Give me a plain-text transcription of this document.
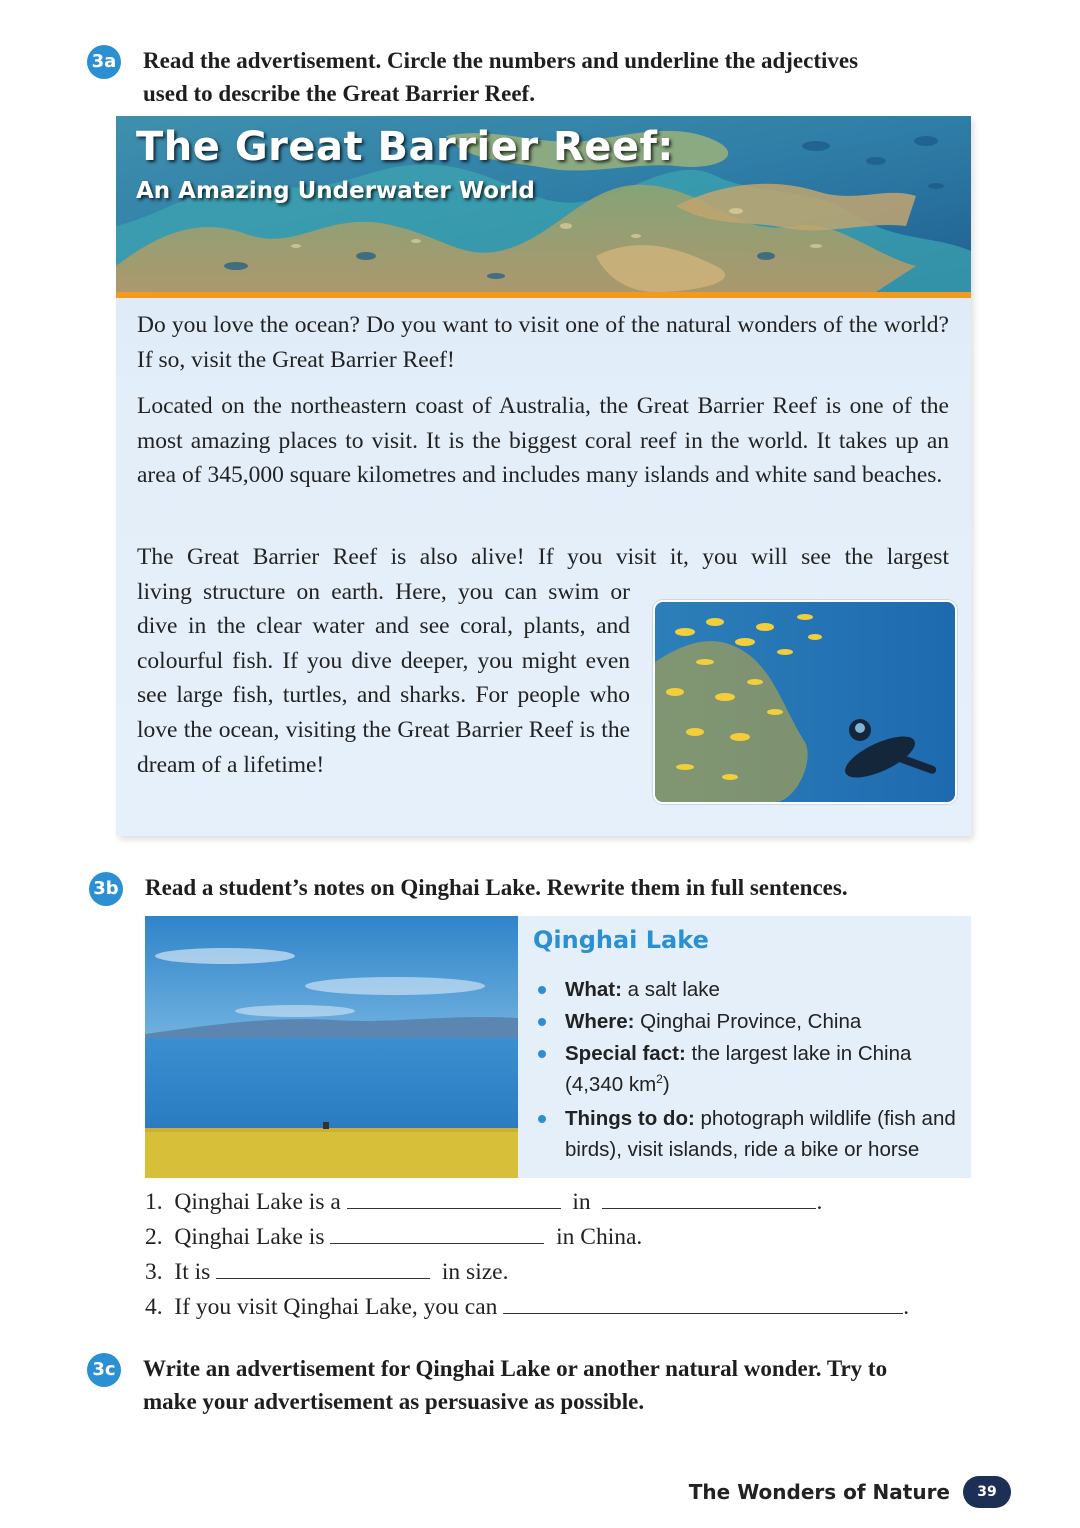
3a Read the advertisement. Circle the numbers and underline the adjectives
used to describe the Great Barrier Reef.
The Great Barrier Reef:
An Amazing Underwater World

Do you love the ocean? Do you want to visit one of the natural wonders of the world? If so, visit the Great Barrier Reef!

Located on the northeastern coast of Australia, the Great Barrier Reef is one of the most amazing places to visit. It is the biggest coral reef in the world. It takes up an area of 345,000 square kilometres and includes many islands and white sand beaches.

The Great Barrier Reef is also alive! If you visit it, you will see the largest

living structure on earth. Here, you can swim or dive in the clear water and see coral, plants, and colourful fish. If you dive deeper, you might even see large fish, turtles, and sharks. For people who love the ocean, visiting the Great Barrier Reef is the dream of a lifetime!

3b Read a student’s notes on Qinghai Lake. Rewrite them in full sentences.
Qinghai Lake
What: a salt lake
Where: Qinghai Province, China
Special fact: the largest lake in China (4,340 $km^2$)
Things to do: photograph wildlife (fish and birds), visit islands, ride a bike or horse
1. Qinghai Lake is a	in	.
2. Qinghai Lake is	in China.
3. It is	in size.
4. If you visit Qinghai Lake, you can	.
3c Write an advertisement for Qinghai Lake or another natural wonder. Try to
make your advertisement as persuasive as possible.

The Wonders of Nature	39
